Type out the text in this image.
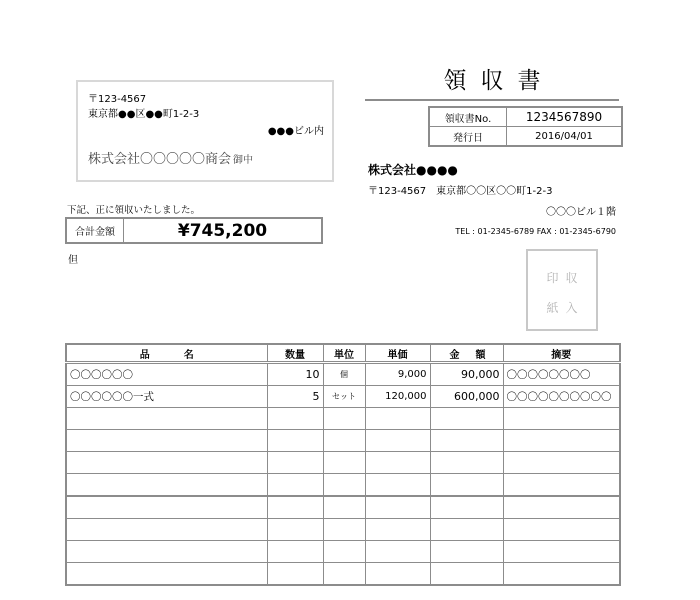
〒123-4567
東京都●●区●●町1-2-3
●●●ビル内
株式会社〇〇〇〇〇商会 御中
領収書
領収書No.	1234567890
発行日	2016/04/01
株式会社●●●●
〒123-4567 東京都〇〇区〇〇町1-2-3
〇〇〇ビル１階
TEL : 01-2345-6789 FAX : 01-2345-6790
下記、正に領収いたしました。
合計金額	¥745,200
但
印収
紙入
品名	数量	単位	単価	金額	摘要
〇〇〇〇〇〇	10	個	9,000	90,000	〇〇〇〇〇〇〇〇
〇〇〇〇〇〇一式	5	セット	120,000	600,000	〇〇〇〇〇〇〇〇〇〇
